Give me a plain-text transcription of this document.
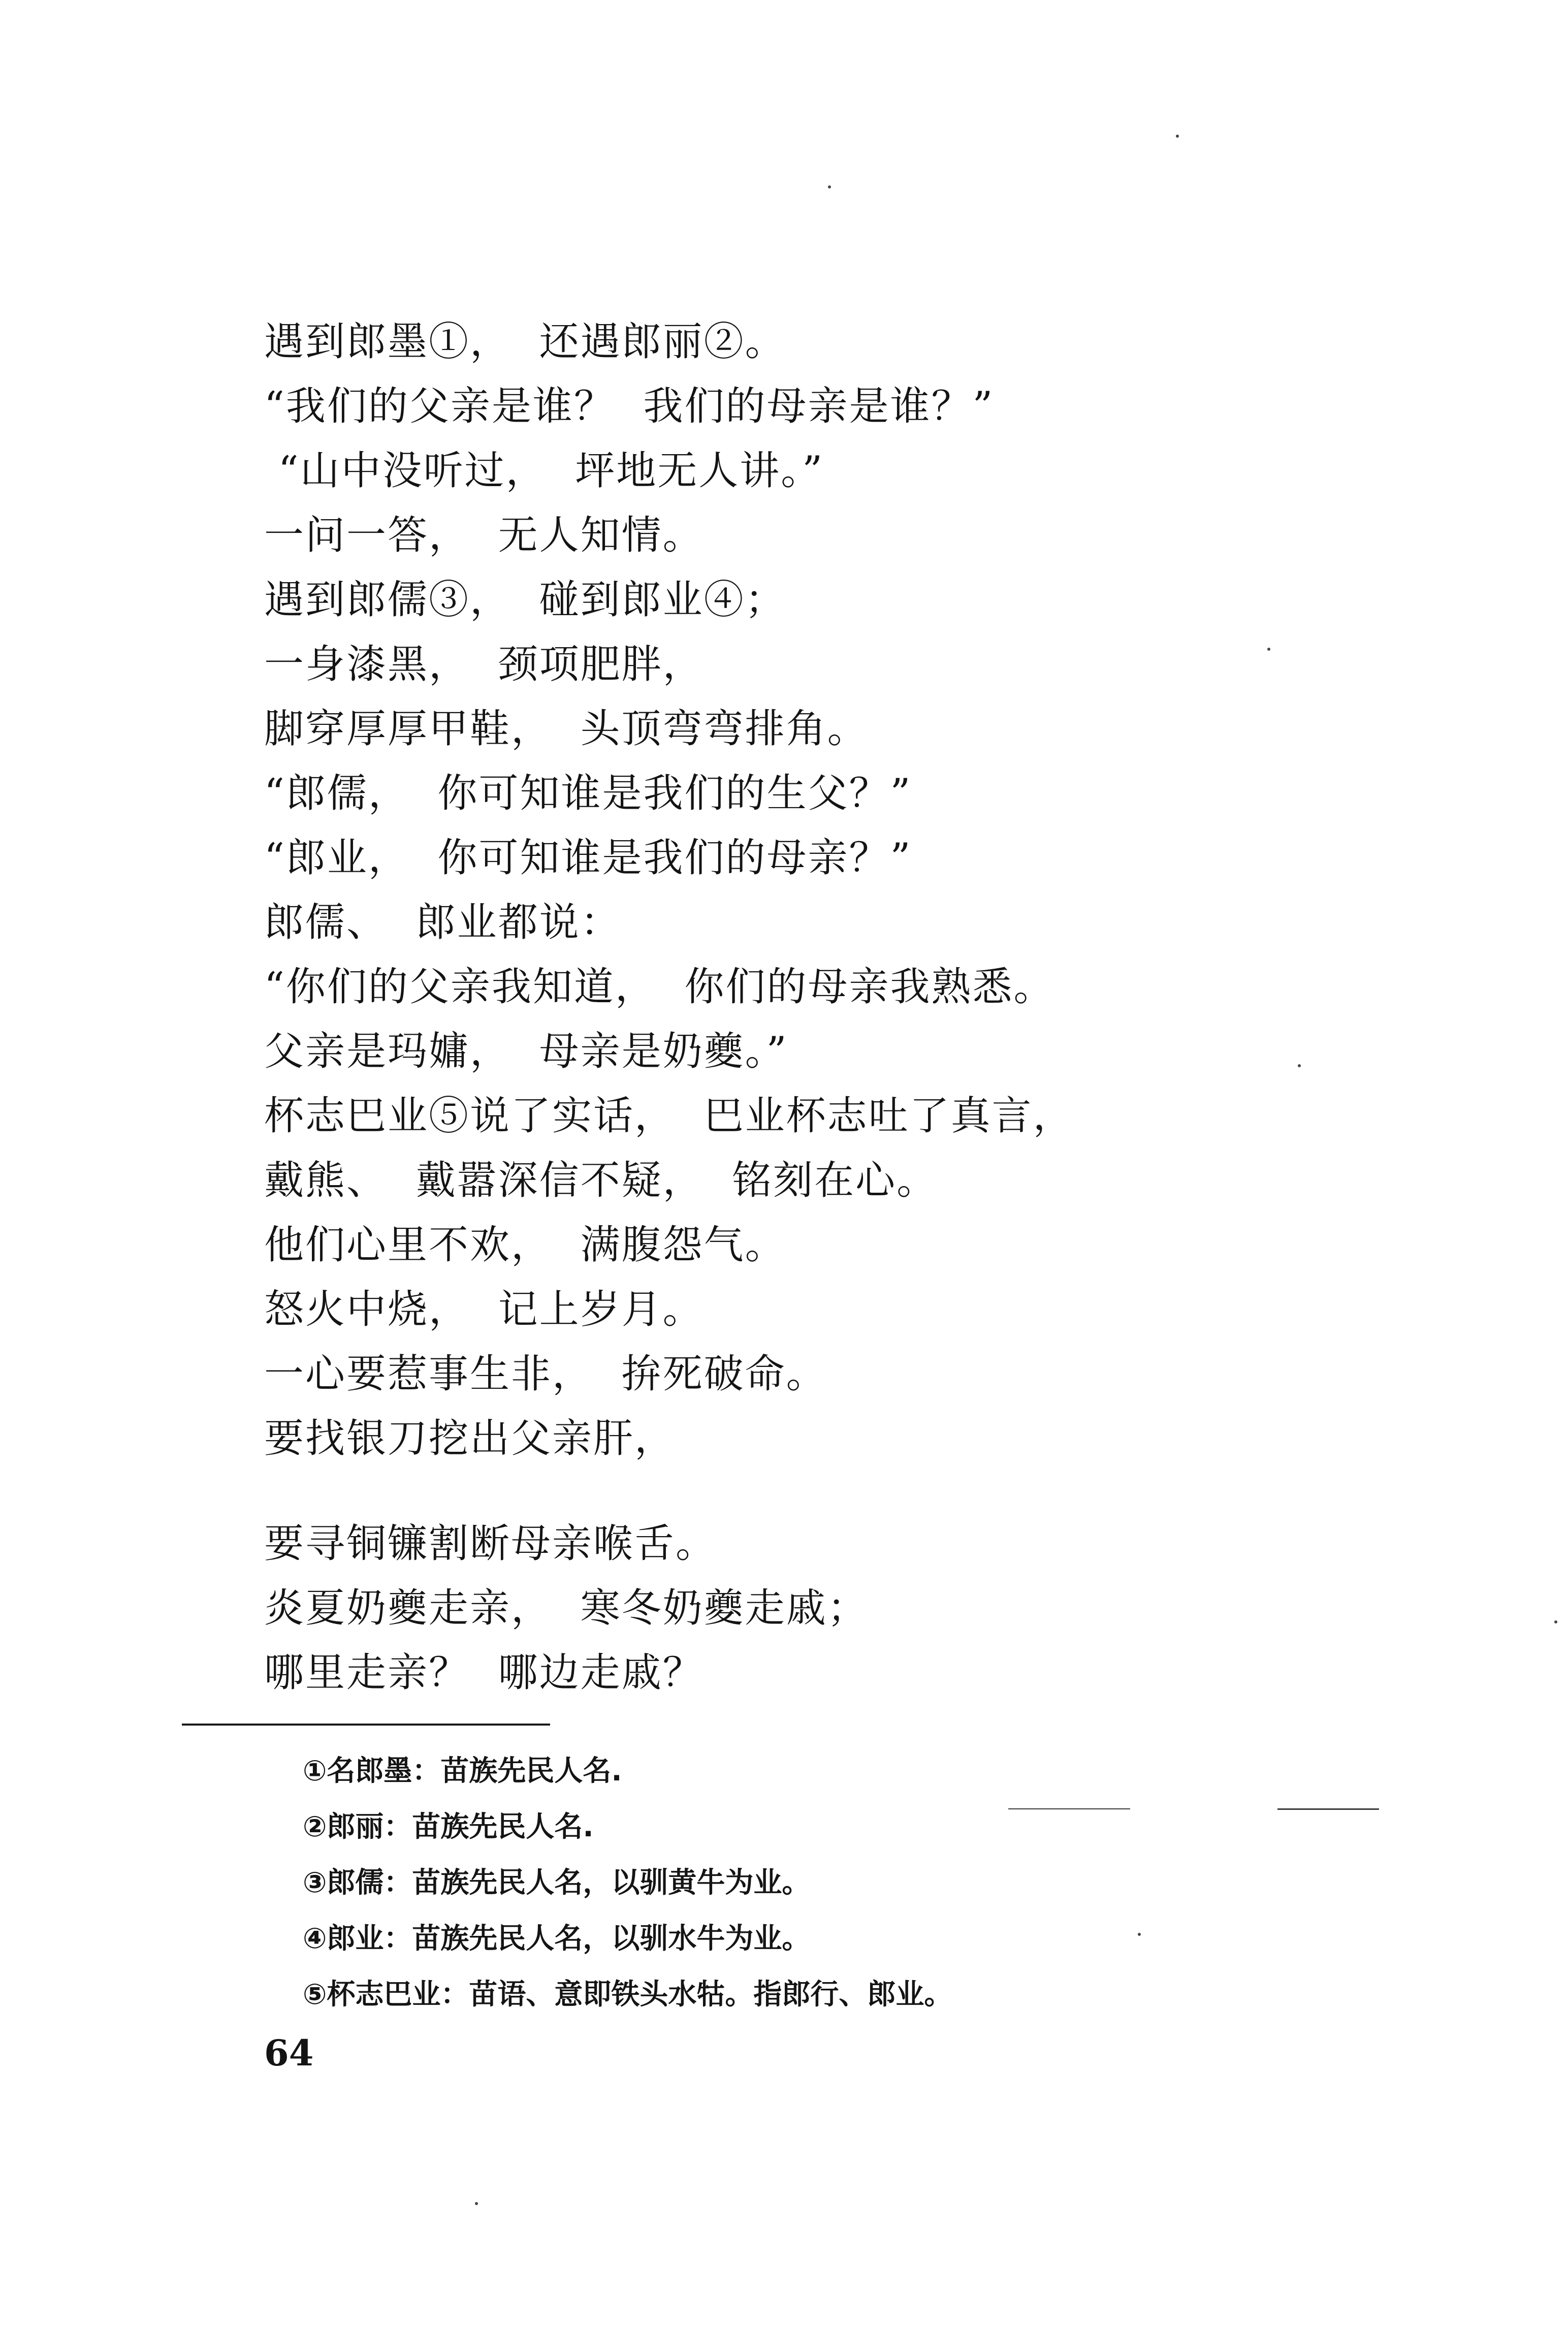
遇到郎墨①，  还遇郎丽②。
“我们的父亲是谁？  我们的母亲是谁？”
“山中没听过，  坪地无人讲。”
一问一答，  无人知情。
遇到郎儒③，  碰到郎业④；
一身漆黑，  颈项肥胖，
脚穿厚厚甲鞋，  头顶弯弯排角。
“郎儒，  你可知谁是我们的生父？”
“郎业，  你可知谁是我们的母亲？”
郎儒、  郎业都说：
“你们的父亲我知道，  你们的母亲我熟悉。
父亲是玛嫞，  母亲是奶夔。”
杯志巴业⑤说了实话，  巴业杯志吐了真言，
戴熊、  戴嚣深信不疑，  铭刻在心。
他们心里不欢，  满腹怨气。
怒火中烧，  记上岁月。
一心要惹事生非，  拚死破命。
要找银刀挖出父亲肝，
要寻铜镰割断母亲喉舌。
炎夏奶夔走亲，  寒冬奶夔走戚；
哪里走亲？  哪边走戚？
①名郎墨：苗族先民人名.
②郎丽：苗族先民人名.
③郎儒：苗族先民人名，以驯黄牛为业。
④郎业：苗族先民人名，以驯水牛为业。
⑤杯志巴业：苗语、意即铁头水牯。指郎行、郎业。
64
